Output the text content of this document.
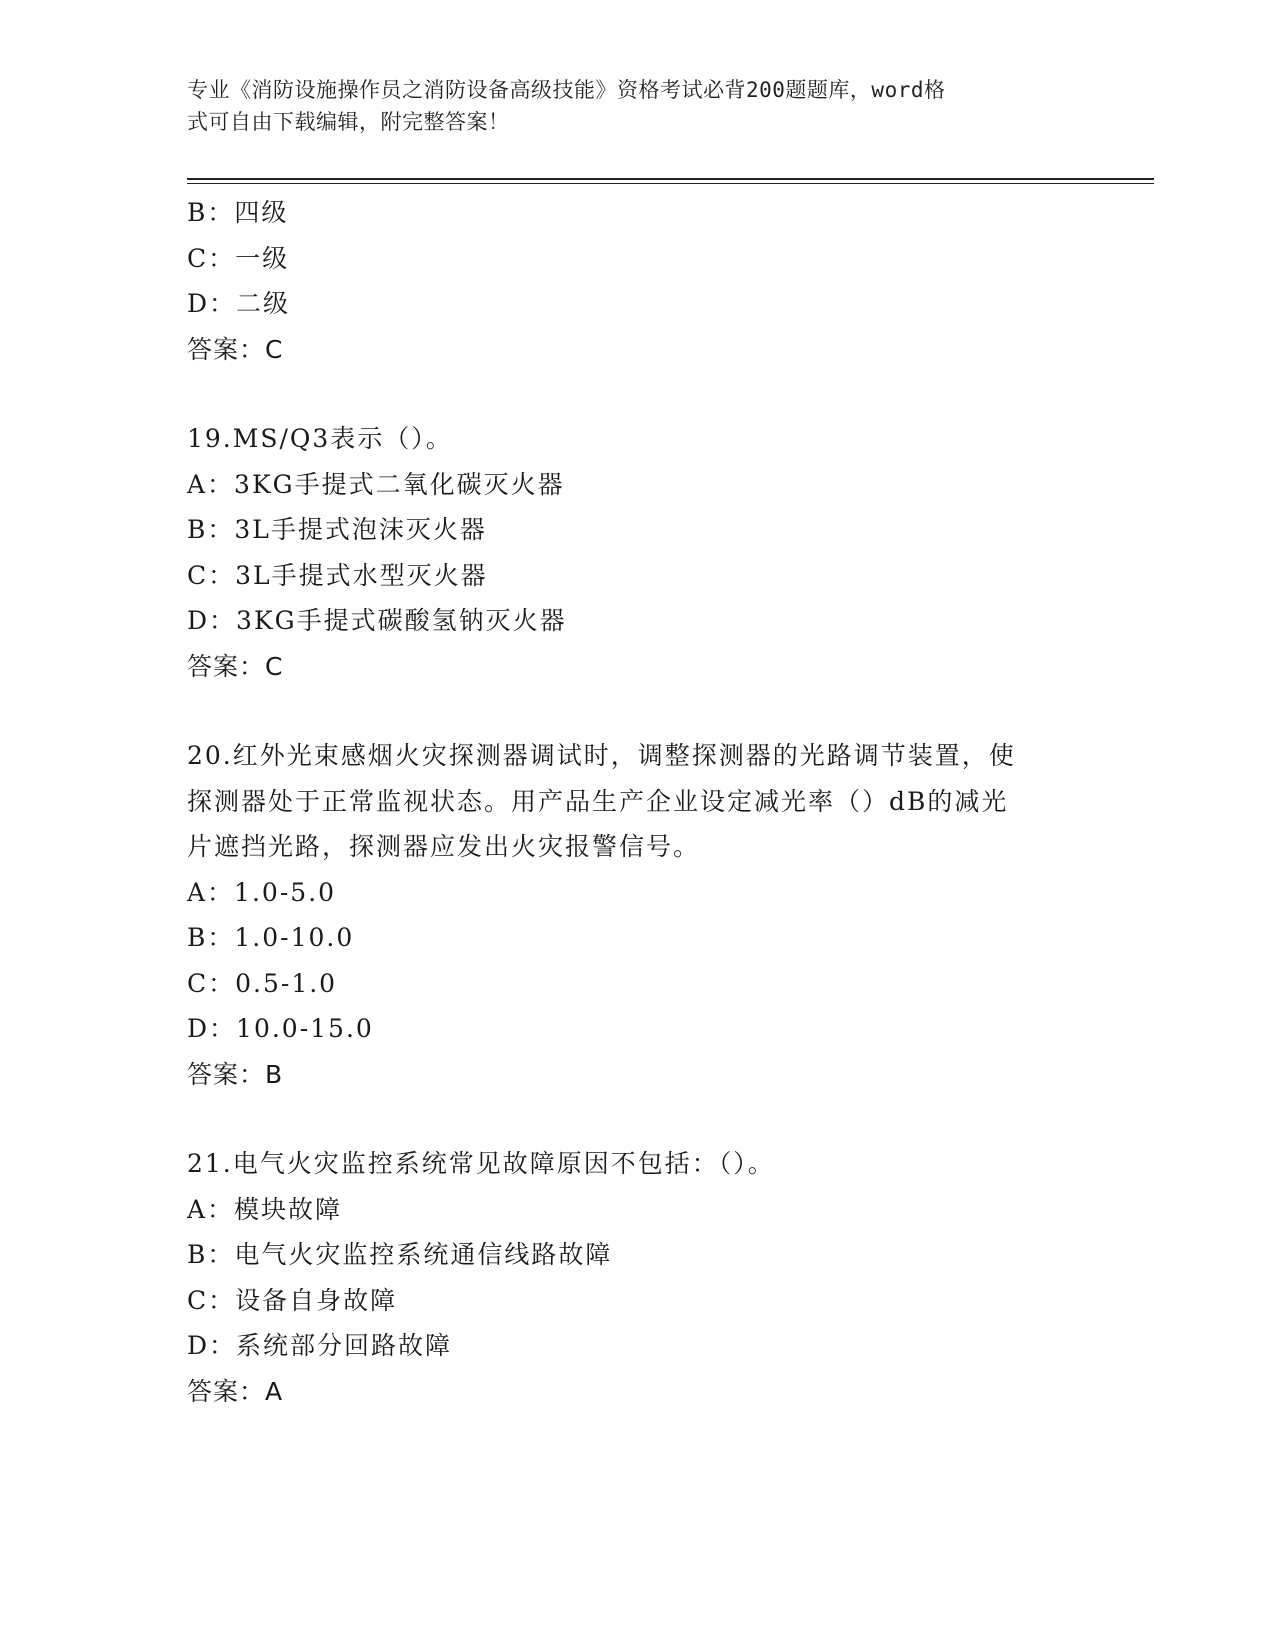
专业《消防设施操作员之消防设备高级技能》资格考试必背200题题库，word格
式可自由下载编辑，附完整答案！
B：四级
C：一级
D：二级
答案：C
19.MS/Q3表示（）。
A：3KG手提式二氧化碳灭火器
B：3L手提式泡沫灭火器
C：3L手提式水型灭火器
D：3KG手提式碳酸氢钠灭火器
答案：C
20.红外光束感烟火灾探测器调试时，调整探测器的光路调节装置，使
探测器处于正常监视状态。用产品生产企业设定减光率（）dB的减光
片遮挡光路，探测器应发出火灾报警信号。
A：1.0-5.0
B：1.0-10.0
C：0.5-1.0
D：10.0-15.0
答案：B
21.电气火灾监控系统常见故障原因不包括：（）。
A：模块故障
B：电气火灾监控系统通信线路故障
C：设备自身故障
D：系统部分回路故障
答案：A
